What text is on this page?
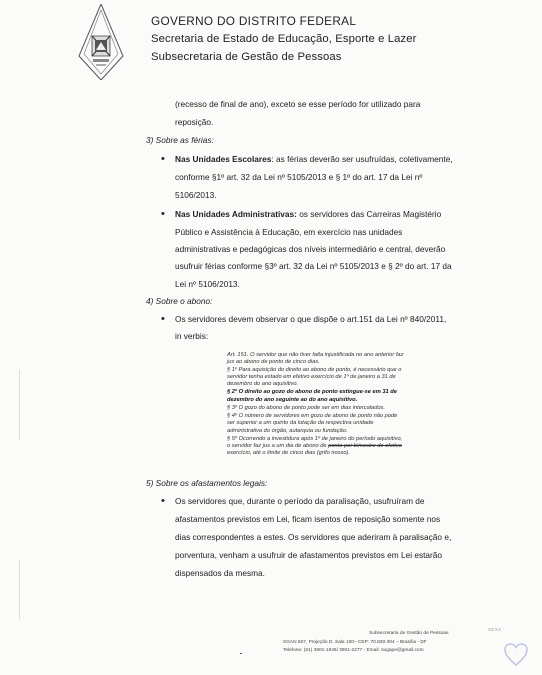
GOVERNO DO DISTRITO FEDERAL
Secretaria de Estado de Educação, Esporte e Lazer
Subsecretaria de Gestão de Pessoas
(recesso de final de ano), exceto se esse período for utilizado para
reposição.
3) Sobre as férias:
• Nas Unidades Escolares: as férias deverão ser usufruídas, coletivamente,
conforme §1º art. 32 da Lei nº 5105/2013 e § 1º do art. 17 da Lei nº
5106/2013.
• Nas Unidades Administrativas: os servidores das Carreiras Magistério
Público e Assistência à Educação, em exercício nas unidades
administrativas e pedagógicas dos níveis intermediário e central, deverão
usufruir férias conforme §3º art. 32 da Lei nº 5105/2013 e § 2º do art. 17 da
Lei nº 5106/2013.
4) Sobre o abono:
• Os servidores devem observar o que dispõe o art.151 da Lei nº 840/2011,
in verbis:
Art. 151. O servidor que não tiver falta injustificada no ano anterior faz
jus ao abono de ponto de cinco dias.
§ 1º Para aquisição do direito ao abono de ponto, é necessário que o
servidor tenha estado em efetivo exercício de 1º de janeiro a 31 de
dezembro do ano aquisitivo.
§ 2º O direito ao gozo do abono de ponto extingue-se em 31 de
dezembro do ano seguinte ao do ano aquisitivo.
§ 3º O gozo do abono de ponto pode ser em dias intercalados.
§ 4º O número de servidores em gozo de abono de ponto não pode
ser superior a um quinto da lotação da respectiva unidade
administrativa do órgão, autarquia ou fundação.
§ 5º Ocorrendo a investidura após 1º de janeiro do período aquisitivo,
o servidor faz jus a um dia de abono de ponto por bimestre de efetivo
exercício, até o limite de cinco dias (grifo nosso).
5) Sobre os afastamentos legais:
• Os servidores que, durante o período da paralisação, usufruíram de
afastamentos previstos em Lei, ficam isentos de reposição somente nos
dias correspondentes a estes. Os servidores que aderiram à paralisação e,
porventura, venham a usufruir de afastamentos previstos em Lei estarão
dispensados da mesma.
Subsecretaria de Gestão de Pessoas
SGAN 607, Projeção D, Sala 100– CEP: 70.830-304 – Brasília - DF
Telefone: (61) 3901-1846/ 3901-2277 - Email: sugape@gmail.com
SEXA
